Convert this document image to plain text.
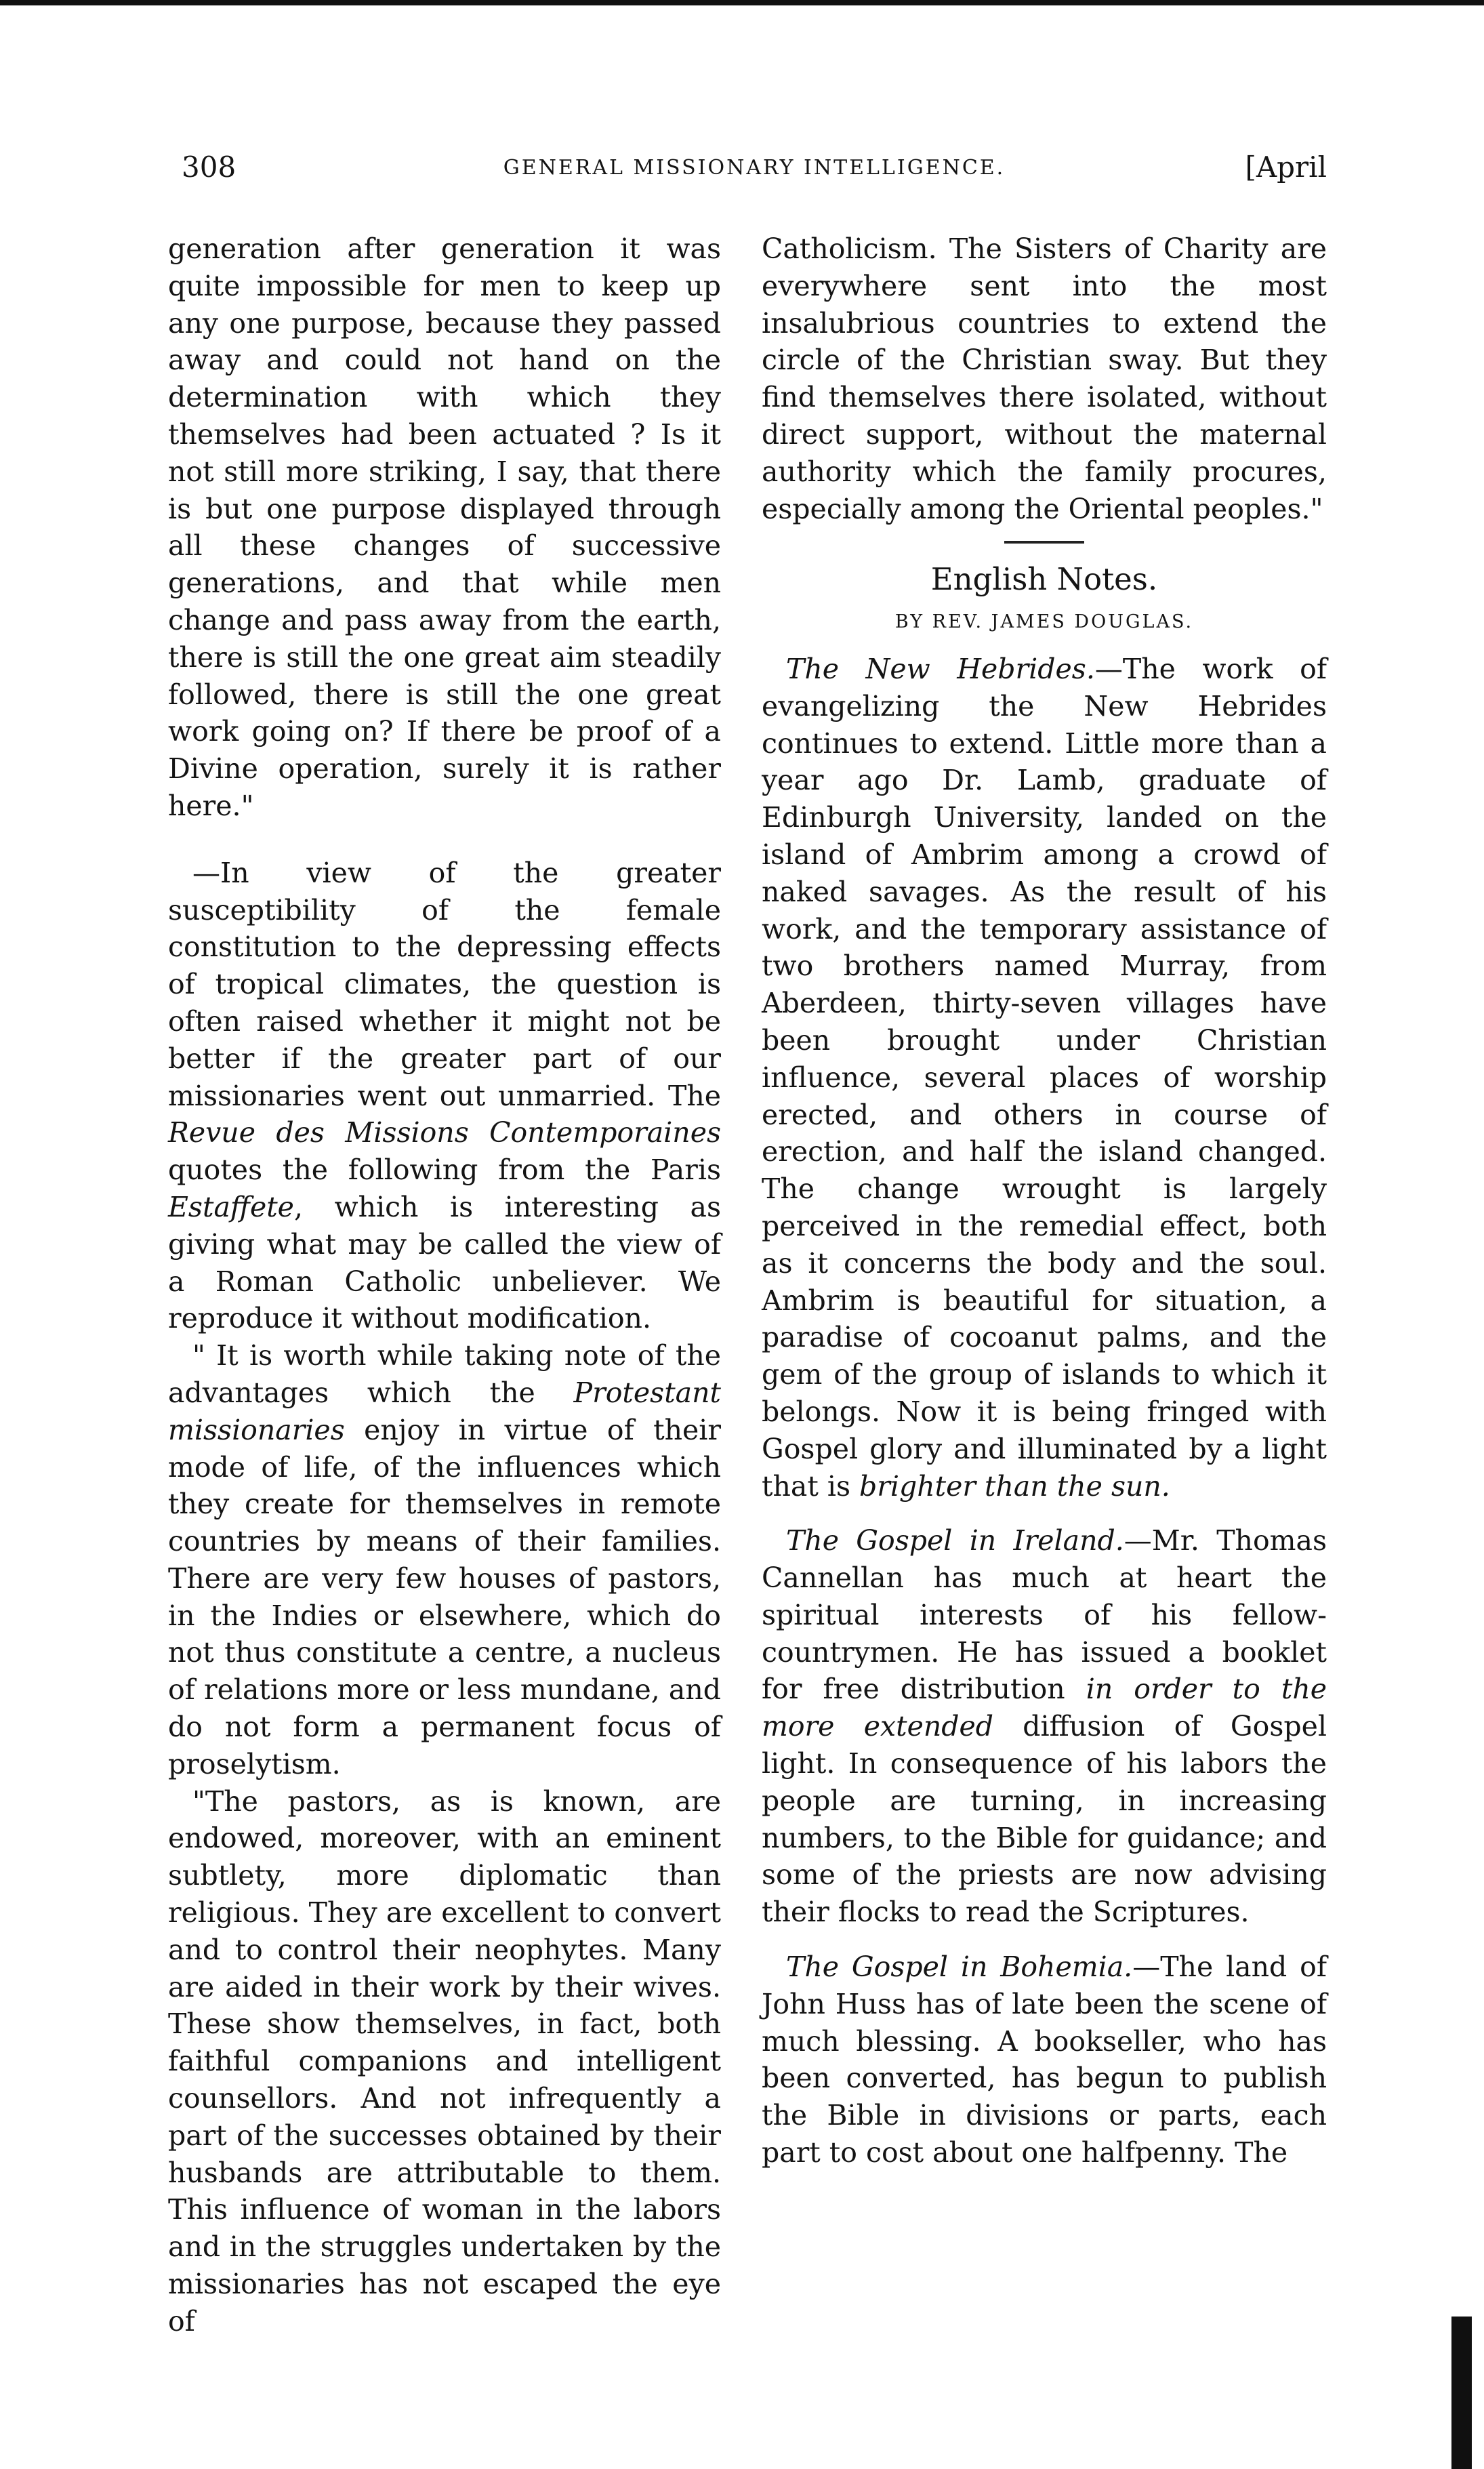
308	GENERAL MISSIONARY INTELLIGENCE.	[April

generation after generation it was quite impossible for men to keep up any one purpose, because they passed away and could not hand on the determination with which they themselves had been actuated ? Is it not still more striking, I say, that there is but one purpose displayed through all these changes of successive generations, and that while men change and pass away from the earth, there is still the one great aim steadily followed, there is still the one great work going on? If there be proof of a Divine operation, surely it is rather here."

—In view of the greater susceptibility of the female constitution to the depressing effects of tropical climates, the question is often raised whether it might not be better if the greater part of our missionaries went out unmarried. The Revue des Missions Contemporaines quotes the following from the Paris Estaffete, which is interesting as giving what may be called the view of a Roman Catholic unbeliever. We reproduce it without modification.

" It is worth while taking note of the advantages which the Protestant missionaries enjoy in virtue of their mode of life, of the influences which they create for themselves in remote countries by means of their families. There are very few houses of pastors, in the Indies or elsewhere, which do not thus constitute a centre, a nucleus of relations more or less mundane, and do not form a permanent focus of proselytism.

"The pastors, as is known, are endowed, moreover, with an eminent subtlety, more diplomatic than religious. They are excellent to convert and to control their neophytes. Many are aided in their work by their wives. These show themselves, in fact, both faithful companions and intelligent counsellors. And not infrequently a part of the successes obtained by their husbands are attributable to them. This influence of woman in the labors and in the struggles undertaken by the missionaries has not escaped the eye of

Catholicism. The Sisters of Charity are everywhere sent into the most insalubrious countries to extend the circle of the Christian sway. But they find themselves there isolated, without direct support, without the maternal authority which the family procures, especially among the Oriental peoples."

English Notes.
BY REV. JAMES DOUGLAS.

The New Hebrides.—The work of evangelizing the New Hebrides continues to extend. Little more than a year ago Dr. Lamb, graduate of Edinburgh University, landed on the island of Ambrim among a crowd of naked savages. As the result of his work, and the temporary assistance of two brothers named Murray, from Aberdeen, thirty-seven villages have been brought under Christian influence, several places of worship erected, and others in course of erection, and half the island changed. The change wrought is largely perceived in the remedial effect, both as it concerns the body and the soul. Ambrim is beautiful for situation, a paradise of cocoanut palms, and the gem of the group of islands to which it belongs. Now it is being fringed with Gospel glory and illuminated by a light that is brighter than the sun.

The Gospel in Ireland.—Mr. Thomas Cannellan has much at heart the spiritual interests of his fellow-countrymen. He has issued a booklet for free distribution in order to the more extended diffusion of Gospel light. In consequence of his labors the people are turning, in increasing numbers, to the Bible for guidance; and some of the priests are now advising their flocks to read the Scriptures.

The Gospel in Bohemia.—The land of John Huss has of late been the scene of much blessing. A bookseller, who has been converted, has begun to publish the Bible in divisions or parts, each part to cost about one halfpenny. The
